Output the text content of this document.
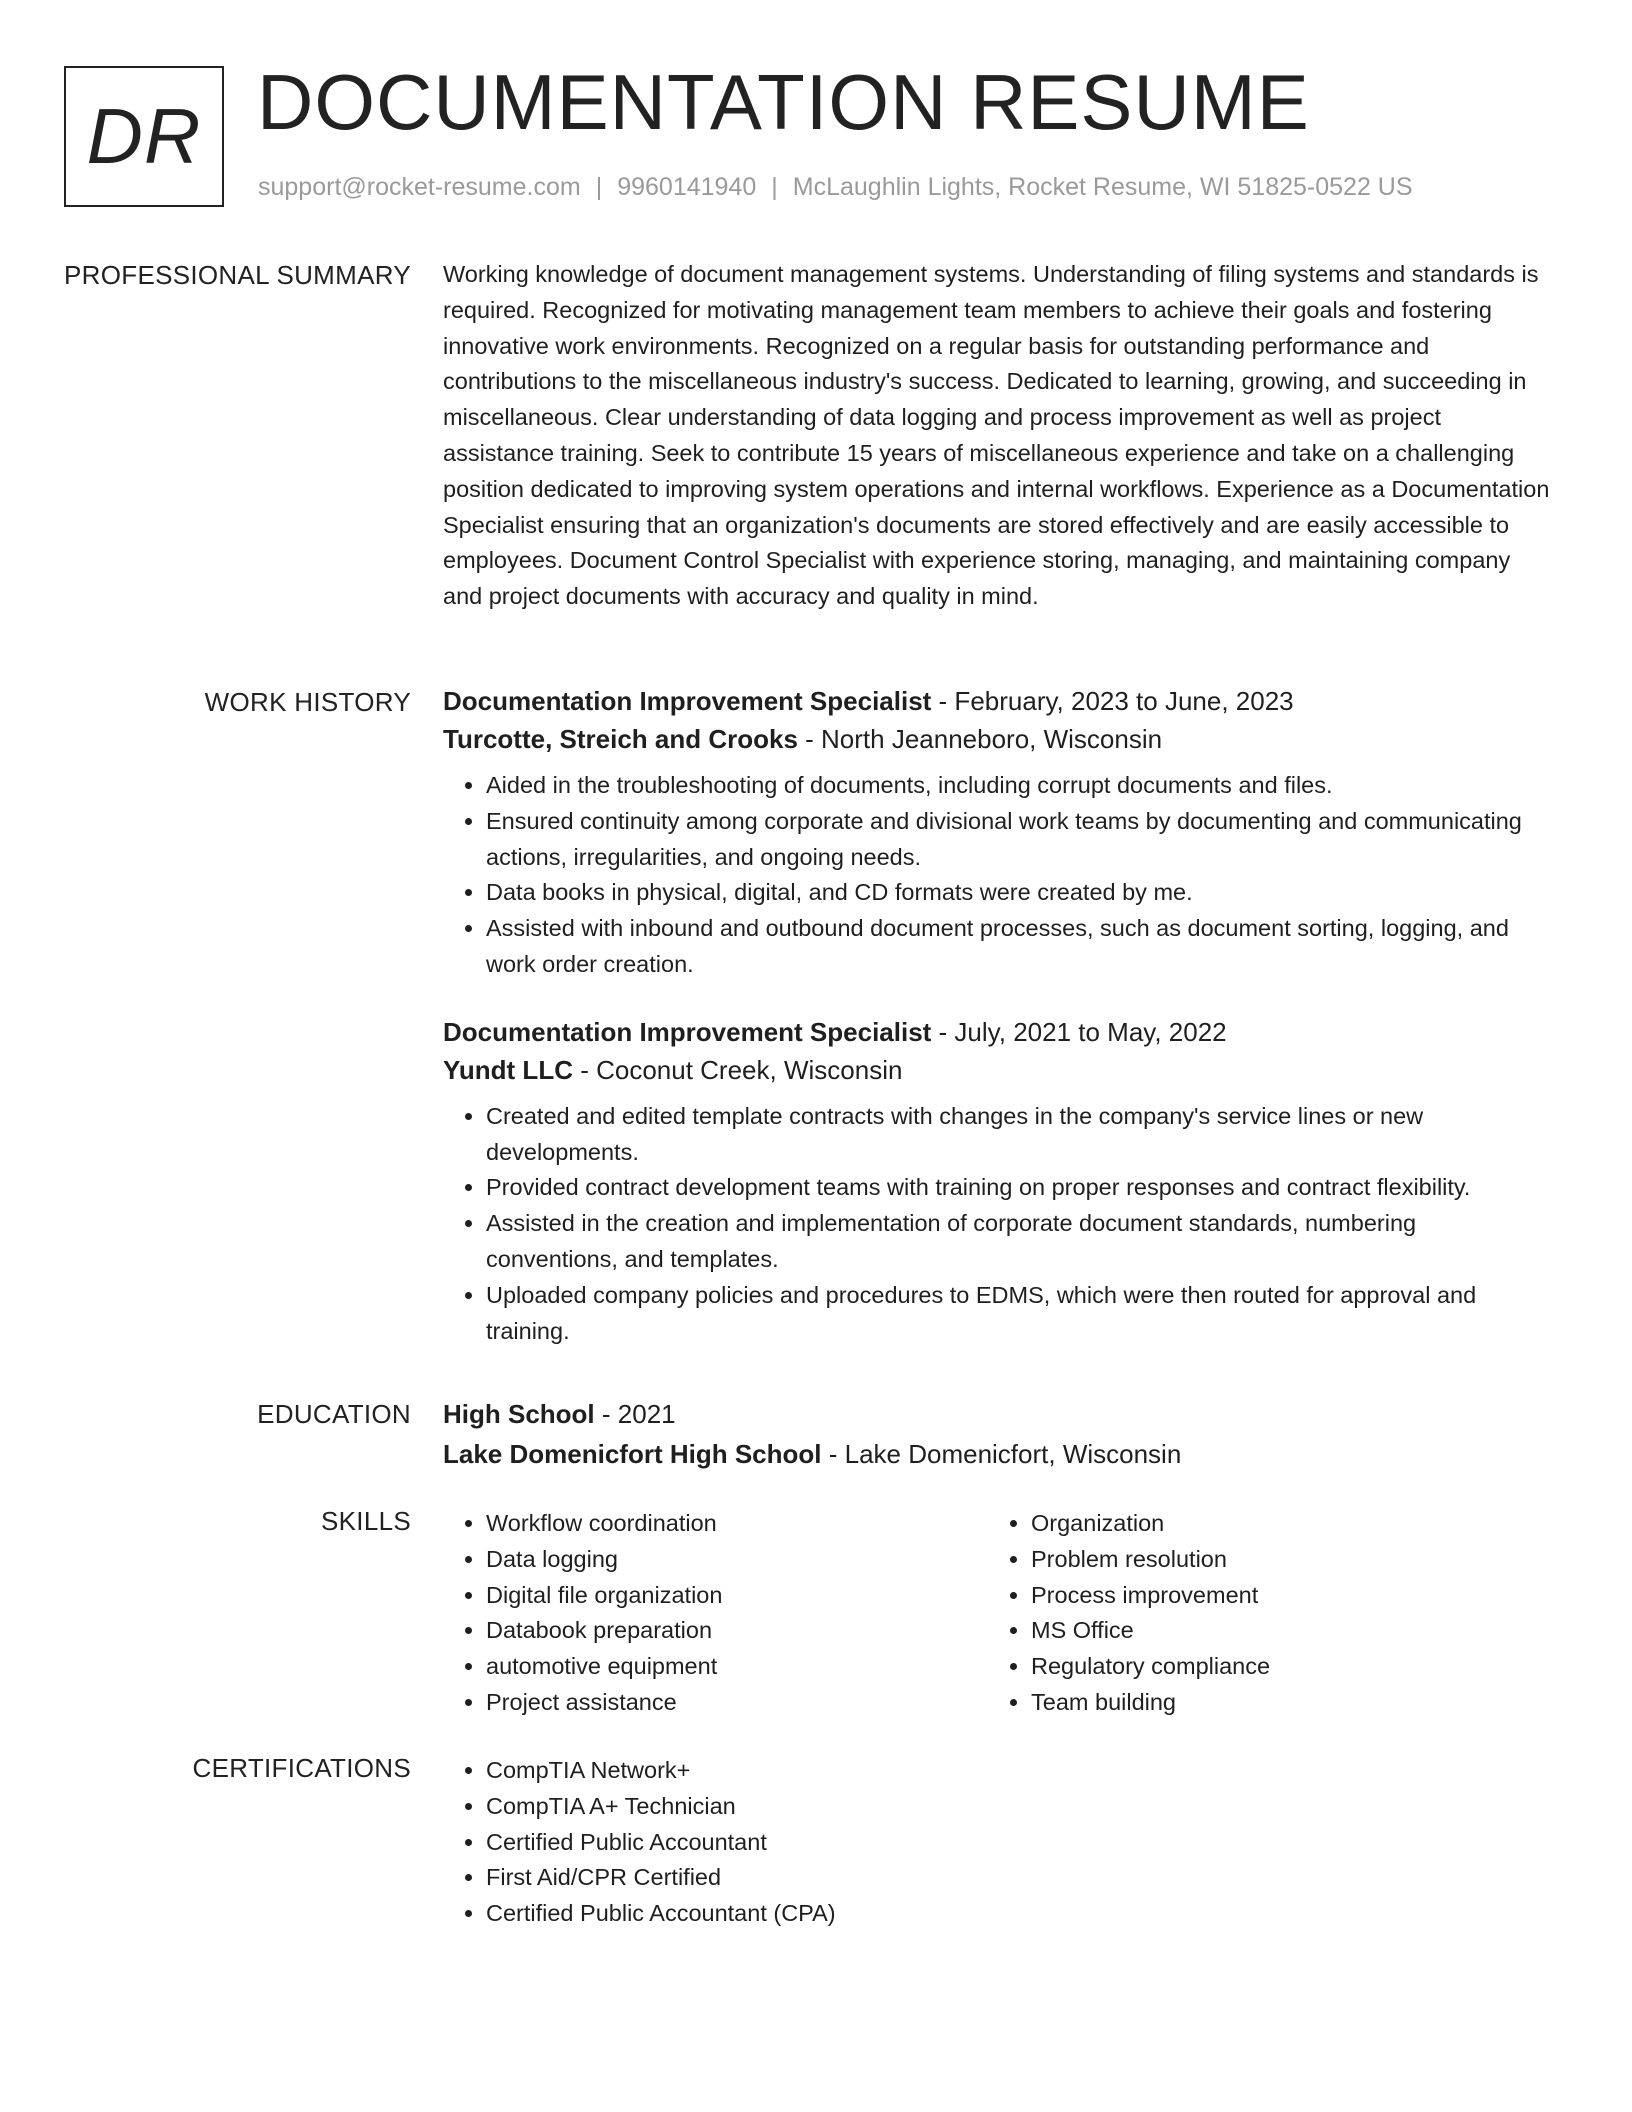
DR DOCUMENTATION RESUME
support@rocket-resume.com | 9960141940 | McLaughlin Lights, Rocket Resume, WI 51825-0522 US
PROFESSIONAL SUMMARY Working knowledge of document management systems. Understanding of filing systems and standards is required. Recognized for motivating management team members to achieve their goals and fostering innovative work environments. Recognized on a regular basis for outstanding performance and contributions to the miscellaneous industry's success. Dedicated to learning, growing, and succeeding in miscellaneous. Clear understanding of data logging and process improvement as well as project assistance training. Seek to contribute 15 years of miscellaneous experience and take on a challenging position dedicated to improving system operations and internal workflows. Experience as a Documentation Specialist ensuring that an organization's documents are stored effectively and are easily accessible to employees. Document Control Specialist with experience storing, managing, and maintaining company and project documents with accuracy and quality in mind.

WORK HISTORY Documentation Improvement Specialist - February, 2023 to June, 2023
Turcotte, Streich and Crooks - North Jeanneboro, Wisconsin
• Aided in the troubleshooting of documents, including corrupt documents and files.
• Ensured continuity among corporate and divisional work teams by documenting and communicating actions, irregularities, and ongoing needs.
• Data books in physical, digital, and CD formats were created by me.
• Assisted with inbound and outbound document processes, such as document sorting, logging, and work order creation.
Documentation Improvement Specialist - July, 2021 to May, 2022
Yundt LLC - Coconut Creek, Wisconsin
• Created and edited template contracts with changes in the company's service lines or new developments.
• Provided contract development teams with training on proper responses and contract flexibility.
• Assisted in the creation and implementation of corporate document standards, numbering conventions, and templates.
• Uploaded company policies and procedures to EDMS, which were then routed for approval and training.
EDUCATION High School - 2021
Lake Domenicfort High School - Lake Domenicfort, Wisconsin
SKILLS	• Workflow coordination
• Data logging
• Digital file organization
• Databook preparation
• automotive equipment
• Project assistance
• Organization
• Problem resolution
• Process improvement
• MS Office
• Regulatory compliance
• Team building
CERTIFICATIONS	• CompTIA Network+
• CompTIA A+ Technician
• Certified Public Accountant
• First Aid/CPR Certified
• Certified Public Accountant (CPA)
